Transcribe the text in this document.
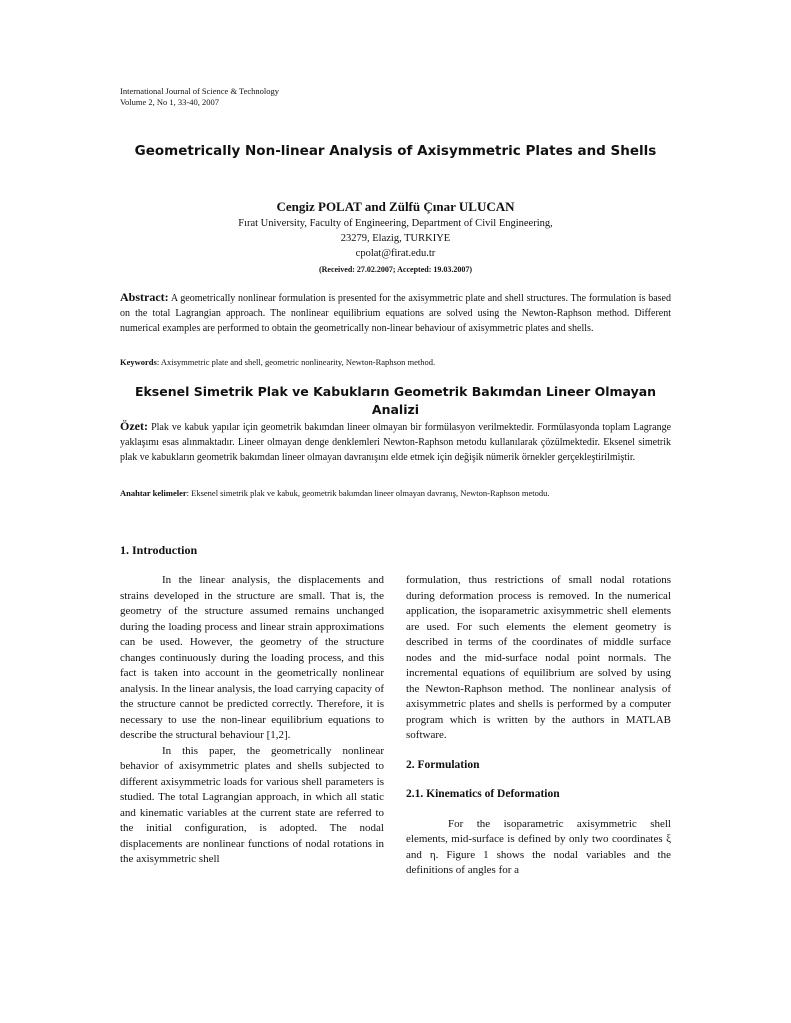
International Journal of Science & Technology
Volume 2, No 1, 33-40, 2007
Geometrically Non-linear Analysis of Axisymmetric Plates and Shells
Cengiz POLAT and Zülfü Çınar ULUCAN
Fırat University, Faculty of Engineering, Department of Civil Engineering,
23279, Elazig, TURKIYE
cpolat@firat.edu.tr
(Received: 27.02.2007; Accepted: 19.03.2007)
Abstract: A geometrically nonlinear formulation is presented for the axisymmetric plate and shell structures. The formulation is based on the total Lagrangian approach. The nonlinear equilibrium equations are solved using the Newton-Raphson method. Different numerical examples are performed to obtain the geometrically non-linear behaviour of axisymmetric plates and shells.
Keywords: Axisymmetric plate and shell, geometric nonlinearity, Newton-Raphson method.
Eksenel Simetrik Plak ve Kabukların Geometrik Bakımdan Lineer Olmayan Analizi
Özet: Plak ve kabuk yapılar için geometrik bakımdan lineer olmayan bir formülasyon verilmektedir. Formülasyonda toplam Lagrange yaklaşımı esas alınmaktadır. Lineer olmayan denge denklemleri Newton-Raphson metodu kullanılarak çözülmektedir. Eksenel simetrik plak ve kabukların geometrik bakımdan lineer olmayan davranışını elde etmek için değişik nümerik örnekler gerçekleştirilmiştir.
Anahtar kelimeler: Eksenel simetrik plak ve kabuk, geometrik bakımdan lineer olmayan davranış, Newton-Raphson metodu.
1. Introduction

In the linear analysis, the displacements and strains developed in the structure are small. That is, the geometry of the structure assumed remains unchanged during the loading process and linear strain approximations can be used. However, the geometry of the structure changes continuously during the loading process, and this fact is taken into account in the geometrically nonlinear analysis. In the linear analysis, the load carrying capacity of the structure cannot be predicted correctly. Therefore, it is necessary to use the non-linear equilibrium equations to describe the structural behaviour [1,2].

In this paper, the geometrically nonlinear behavior of axisymmetric plates and shells subjected to different axisymmetric loads for various shell parameters is studied. The total Lagrangian approach, in which all static and kinematic variables at the current state are referred to the initial configuration, is adopted. The nodal displacements are nonlinear functions of nodal rotations in the axisymmetric shell

formulation, thus restrictions of small nodal rotations during deformation process is removed. In the numerical application, the isoparametric axisymmetric shell elements are used. For such elements the element geometry is described in terms of the coordinates of middle surface nodes and the mid-surface nodal point normals. The incremental equations of equilibrium are solved by using the Newton-Raphson method. The nonlinear analysis of axisymmetric plates and shells is performed by a computer program which is written by the authors in MATLAB software.

2. Formulation

2.1. Kinematics of Deformation

For the isoparametric axisymmetric shell elements, mid-surface is defined by only two coordinates ξ and η. Figure 1 shows the nodal variables and the definitions of angles for a
